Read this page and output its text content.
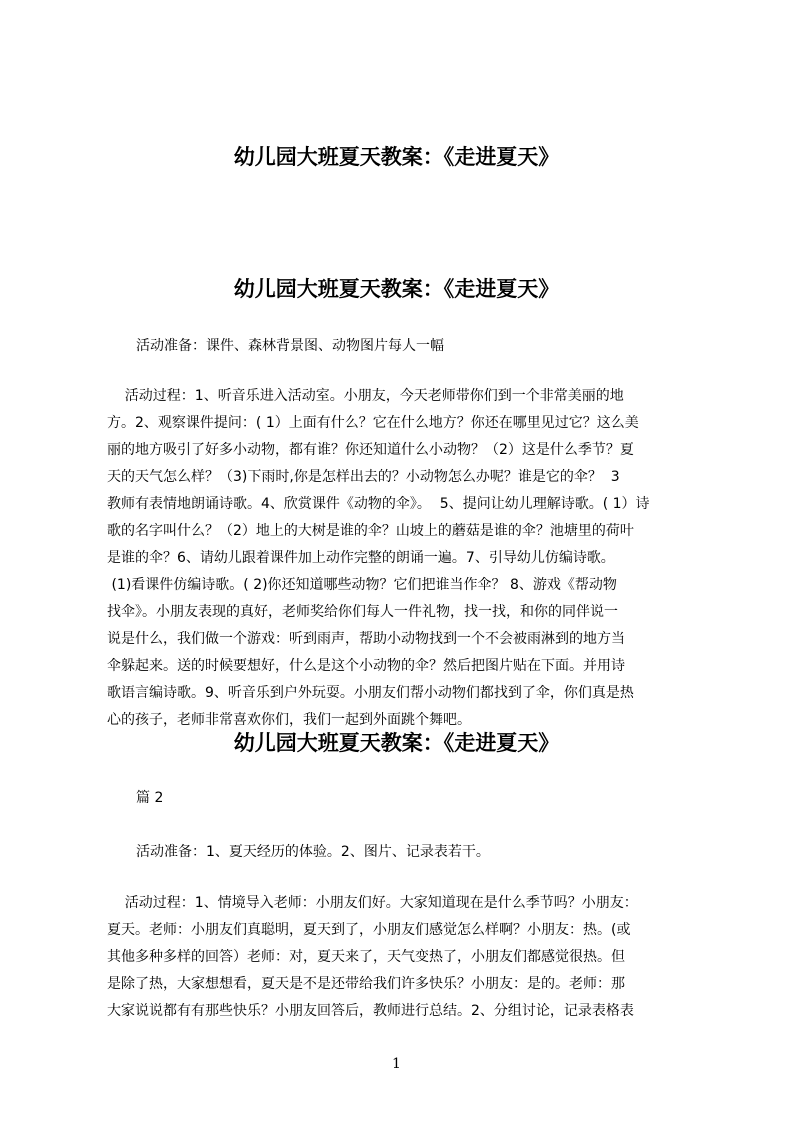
幼儿园大班夏天教案：《走进夏天》
幼儿园大班夏天教案：《走进夏天》
活动准备：课件、森林背景图、动物图片每人一幅
活动过程：1、听音乐进入活动室。小朋友，今天老师带你们到一个非常美丽的地
方。2、观察课件提问：( 1）上面有什么？它在什么地方？你还在哪里见过它？这么美
丽的地方吸引了好多小动物，都有谁？你还知道什么小动物？（2）这是什么季节？夏
天的天气怎么样？（3)下雨时,你是怎样出去的？小动物怎么办呢？谁是它的伞？  3
教师有表情地朗诵诗歌。4、欣赏课件《动物的伞》。  5、提问让幼儿理解诗歌。( 1）诗
歌的名字叫什么？（2）地上的大树是谁的伞？山坡上的蘑菇是谁的伞？池塘里的荷叶
是谁的伞？6、请幼儿跟着课件加上动作完整的朗诵一遍。7、引导幼儿仿编诗歌。
(1)看课件仿编诗歌。( 2)你还知道哪些动物？它们把谁当作伞？ 8、游戏《帮动物
找伞》。小朋友表现的真好，老师奖给你们每人一件礼物，找一找，和你的同伴说一
说是什么，我们做一个游戏：听到雨声，帮助小动物找到一个不会被雨淋到的地方当
伞躲起来。送的时候要想好，什么是这个小动物的伞？然后把图片贴在下面。并用诗
歌语言编诗歌。9、听音乐到户外玩耍。小朋友们帮小动物们都找到了伞，你们真是热
心的孩子，老师非常喜欢你们，我们一起到外面跳个舞吧。
幼儿园大班夏天教案：《走进夏天》
篇 2
活动准备：1、夏天经历的体验。2、图片、记录表若干。
活动过程：1、情境导入老师：小朋友们好。大家知道现在是什么季节吗？小朋友：
夏天。老师：小朋友们真聪明，夏天到了，小朋友们感觉怎么样啊？小朋友：热。(或
其他多种多样的回答）老师：对，夏天来了，天气变热了，小朋友们都感觉很热。但
是除了热，大家想想看，夏天是不是还带给我们许多快乐？小朋友：是的。老师：那
大家说说都有有那些快乐？小朋友回答后，教师进行总结。2、分组讨论，记录表格表
1
